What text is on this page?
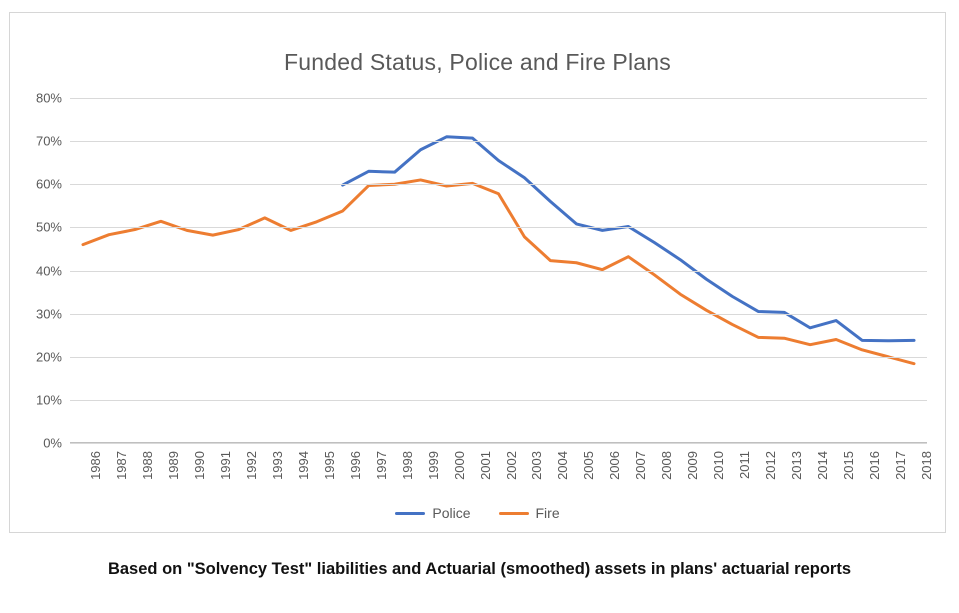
Funded Status, Police and Fire Plans
0%
10%
20%
30%
40%
50%
60%
70%
80%
1986 1987 1988 1989 1990 1991 1992 1993 1994 1995 1996 1997 1998 1999 2000 2001 2002 2003 2004 2005 2006 2007 2008 2009 2010 2011 2012 2013 2014 2015 2016 2017 2018
Police	Fire
Based on "Solvency Test" liabilities and Actuarial (smoothed) assets in plans' actuarial reports
